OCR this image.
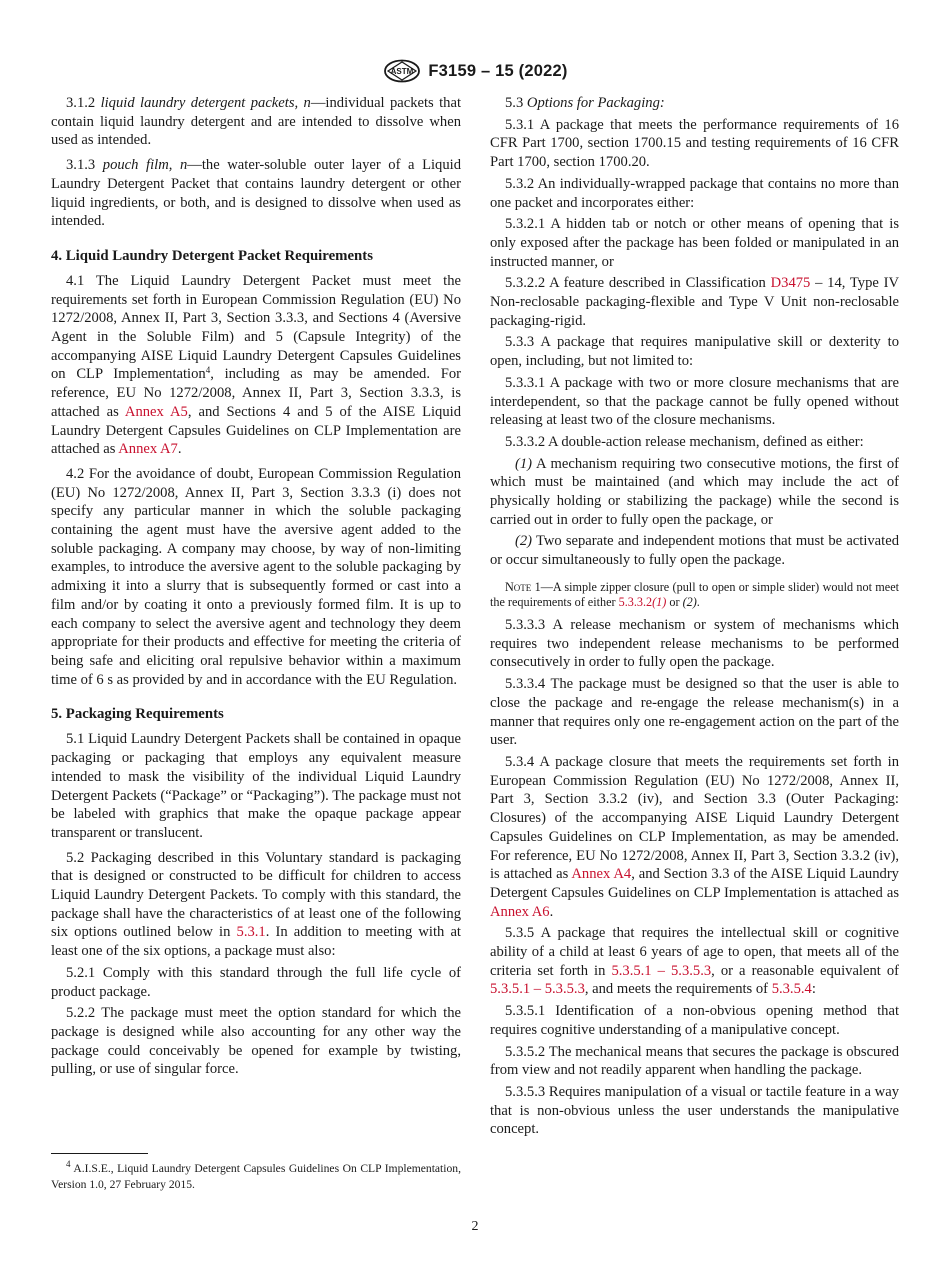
ASTM F3159 – 15 (2022)

3.1.2 liquid laundry detergent packets, n—individual packets that contain liquid laundry detergent and are intended to dissolve when used as intended.

3.1.3 pouch film, n—the water-soluble outer layer of a Liquid Laundry Detergent Packet that contains laundry detergent or other liquid ingredients, or both, and is designed to dissolve when used as intended.

4. Liquid Laundry Detergent Packet Requirements

4.1 The Liquid Laundry Detergent Packet must meet the requirements set forth in European Commission Regulation (EU) No 1272/2008, Annex II, Part 3, Section 3.3.3, and Sections 4 (Aversive Agent in the Soluble Film) and 5 (Capsule Integrity) of the accompanying AISE Liquid Laundry Detergent Capsules Guidelines on CLP Implementation$^4$, including as may be amended. For reference, EU No 1272/2008, Annex II, Part 3, Section 3.3.3, is attached as Annex A5, and Sections 4 and 5 of the AISE Liquid Laundry Detergent Capsules Guidelines on CLP Implementation are attached as Annex A7.

4.2 For the avoidance of doubt, European Commission Regulation (EU) No 1272/2008, Annex II, Part 3, Section 3.3.3 (i) does not specify any particular manner in which the soluble packaging containing the agent must have the aversive agent added to the soluble packaging. A company may choose, by way of non-limiting examples, to introduce the aversive agent to the soluble packaging by admixing it into a slurry that is subsequently formed or cast into a film and/or by coating it onto a previously formed film. It is up to each company to select the aversive agent and technology they deem appropriate for their products and effective for meeting the criteria of being safe and eliciting oral repulsive behavior within a maximum time of 6 s as provided by and in accordance with the EU Regulation.

5. Packaging Requirements

5.1 Liquid Laundry Detergent Packets shall be contained in opaque packaging or packaging that employs any equivalent measure intended to mask the visibility of the individual Liquid Laundry Detergent Packets (“Package” or “Packaging”). The package must not be labeled with graphics that make the opaque package appear transparent or translucent.

5.2 Packaging described in this Voluntary standard is packaging that is designed or constructed to be difficult for children to access Liquid Laundry Detergent Packets. To comply with this standard, the package shall have the characteristics of at least one of the following six options outlined below in 5.3.1. In addition to meeting with at least one of the six options, a package must also:

5.2.1 Comply with this standard through the full life cycle of product package.

5.2.2 The package must meet the option standard for which the package is designed while also accounting for any other way the package could conceivably be opened for example by twisting, pulling, or use of singular force.

$^4$ A.I.S.E., Liquid Laundry Detergent Capsules Guidelines On CLP Implementation, Version 1.0, 27 February 2015.

5.3 Options for Packaging:

5.3.1 A package that meets the performance requirements of 16 CFR Part 1700, section 1700.15 and testing requirements of 16 CFR Part 1700, section 1700.20.

5.3.2 An individually-wrapped package that contains no more than one packet and incorporates either:

5.3.2.1 A hidden tab or notch or other means of opening that is only exposed after the package has been folded or manipulated in an instructed manner, or

5.3.2.2 A feature described in Classification D3475 – 14, Type IV Non-reclosable packaging-flexible and Type V Unit non-reclosable packaging-rigid.

5.3.3 A package that requires manipulative skill or dexterity to open, including, but not limited to:

5.3.3.1 A package with two or more closure mechanisms that are interdependent, so that the package cannot be fully opened without releasing at least two of the closure mechanisms.

5.3.3.2 A double-action release mechanism, defined as either:

(1) A mechanism requiring two consecutive motions, the first of which must be maintained (and which may include the act of physically holding or stabilizing the package) while the second is carried out in order to fully open the package, or

(2) Two separate and independent motions that must be activated or occur simultaneously to fully open the package.

Note 1—A simple zipper closure (pull to open or simple slider) would not meet the requirements of either 5.3.3.2(1) or (2).

5.3.3.3 A release mechanism or system of mechanisms which requires two independent release mechanisms to be performed consecutively in order to fully open the package.

5.3.3.4 The package must be designed so that the user is able to close the package and re-engage the release mechanism(s) in a manner that requires only one re-engagement action on the part of the user.

5.3.4 A package closure that meets the requirements set forth in European Commission Regulation (EU) No 1272/2008, Annex II, Part 3, Section 3.3.2 (iv), and Section 3.3 (Outer Packaging: Closures) of the accompanying AISE Liquid Laundry Detergent Capsules Guidelines on CLP Implementation, as may be amended. For reference, EU No 1272/2008, Annex II, Part 3, Section 3.3.2 (iv), is attached as Annex A4, and Section 3.3 of the AISE Liquid Laundry Detergent Capsules Guidelines on CLP Implementation is attached as Annex A6.

5.3.5 A package that requires the intellectual skill or cognitive ability of a child at least 6 years of age to open, that meets all of the criteria set forth in 5.3.5.1 – 5.3.5.3, or a reasonable equivalent of 5.3.5.1 – 5.3.5.3, and meets the requirements of 5.3.5.4:

5.3.5.1 Identification of a non-obvious opening method that requires cognitive understanding of a manipulative concept.

5.3.5.2 The mechanical means that secures the package is obscured from view and not readily apparent when handling the package.

5.3.5.3 Requires manipulation of a visual or tactile feature in a way that is non-obvious unless the user understands the manipulative concept.

2
